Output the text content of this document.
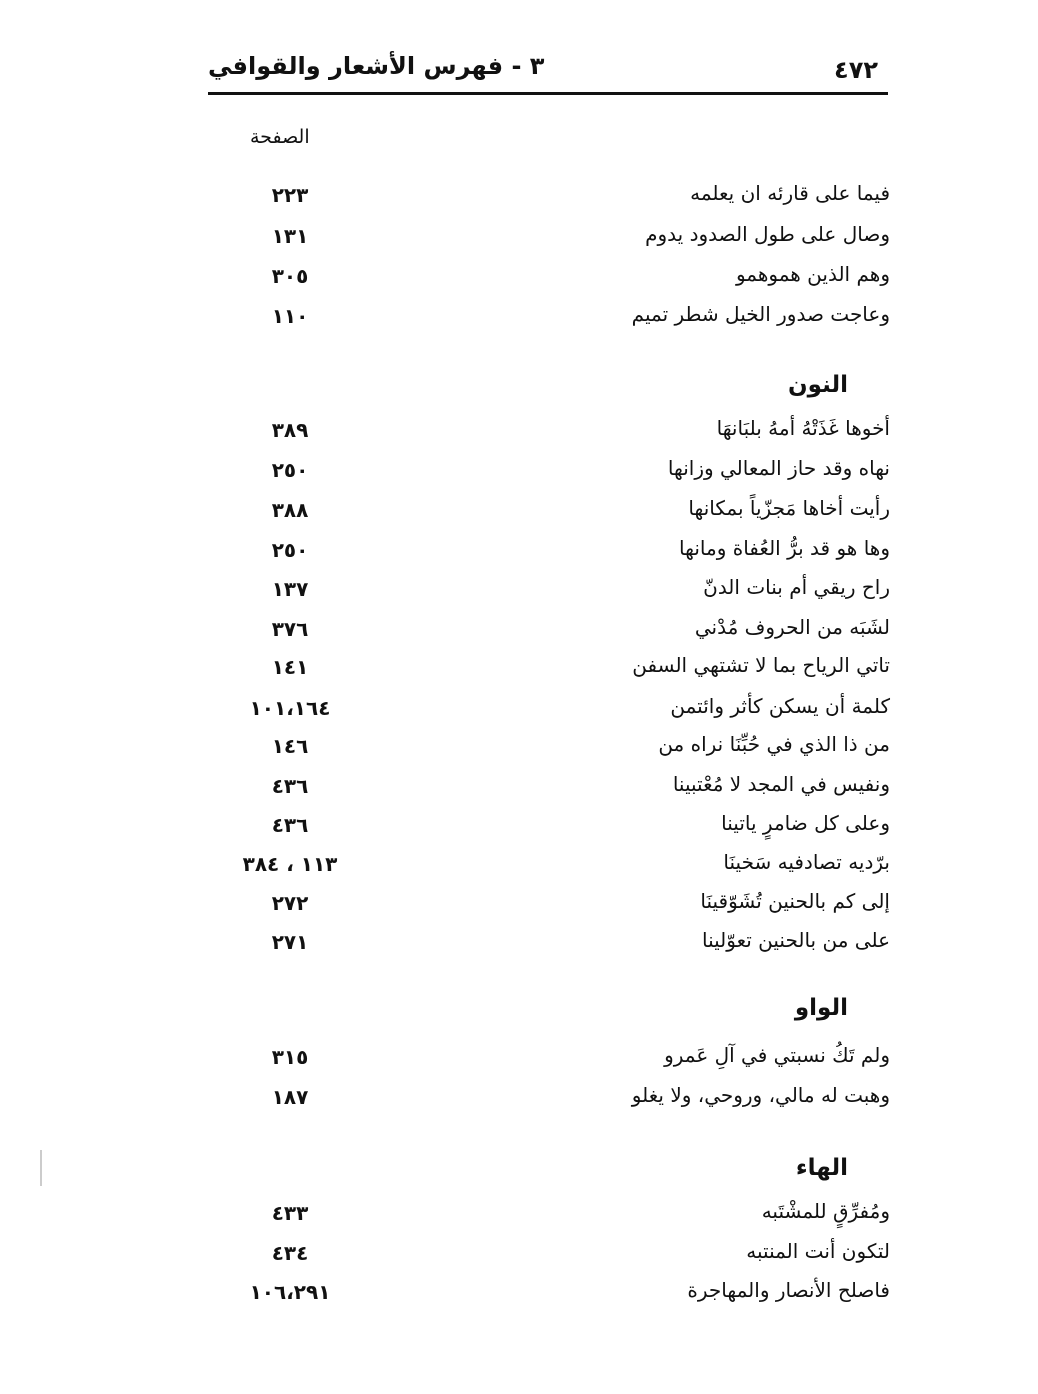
٣ - فهرس الأشعار والقوافي	٤٧٢
الصفحة
فيما على قارئه ان يعلمه
٢٢٣
وصال على طول الصدود يدوم
١٣١
وهم الذين هموهمو
٣٠٥
وعاجت صدور الخيل شطر تميم
١١٠
النون
أخوها غَذَتْهُ أمهُ بلبَانهَا
٣٨٩
نهاه وقد حاز المعالي وزانها
٢٥٠
رأيت أخاها مَجزّياً بمكانها
٣٨٨
وها هو قد برُّ العُفاة ومانها
٢٥٠
راح ريقي أم بنات الدنّ
١٣٧
لشَبَه من الحروف مُدْني
٣٧٦
تاتي الرياح بما لا تشتهي السفن
١٤١
كلمة أن يسكن كأثر وائتمن
١٠١،١٦٤
من ذا الذي في حُبِّنَا نراه من
١٤٦
ونفيس في المجد لا مُعْتبينا
٤٣٦
وعلى كل ضامرٍ ياتينا
٤٣٦
برّديه تصادفيه سَخينَا
١١٣ ، ٣٨٤
إلى كم بالحنين تُشَوّقينَا
٢٧٢
على من بالحنين تعوّلينا
٢٧١
الواو
ولم تَكُ نسبتي في آلِ عَمرو
٣١٥
وهبت له مالي، وروحي، ولا يغلو
١٨٧
الهاء
ومُفرِّقٍ للمشْتَبه
٤٣٣
لتكون أنت المنتبه
٤٣٤
فاصلح الأنصار والمهاجرة
١٠٦،٢٩١
